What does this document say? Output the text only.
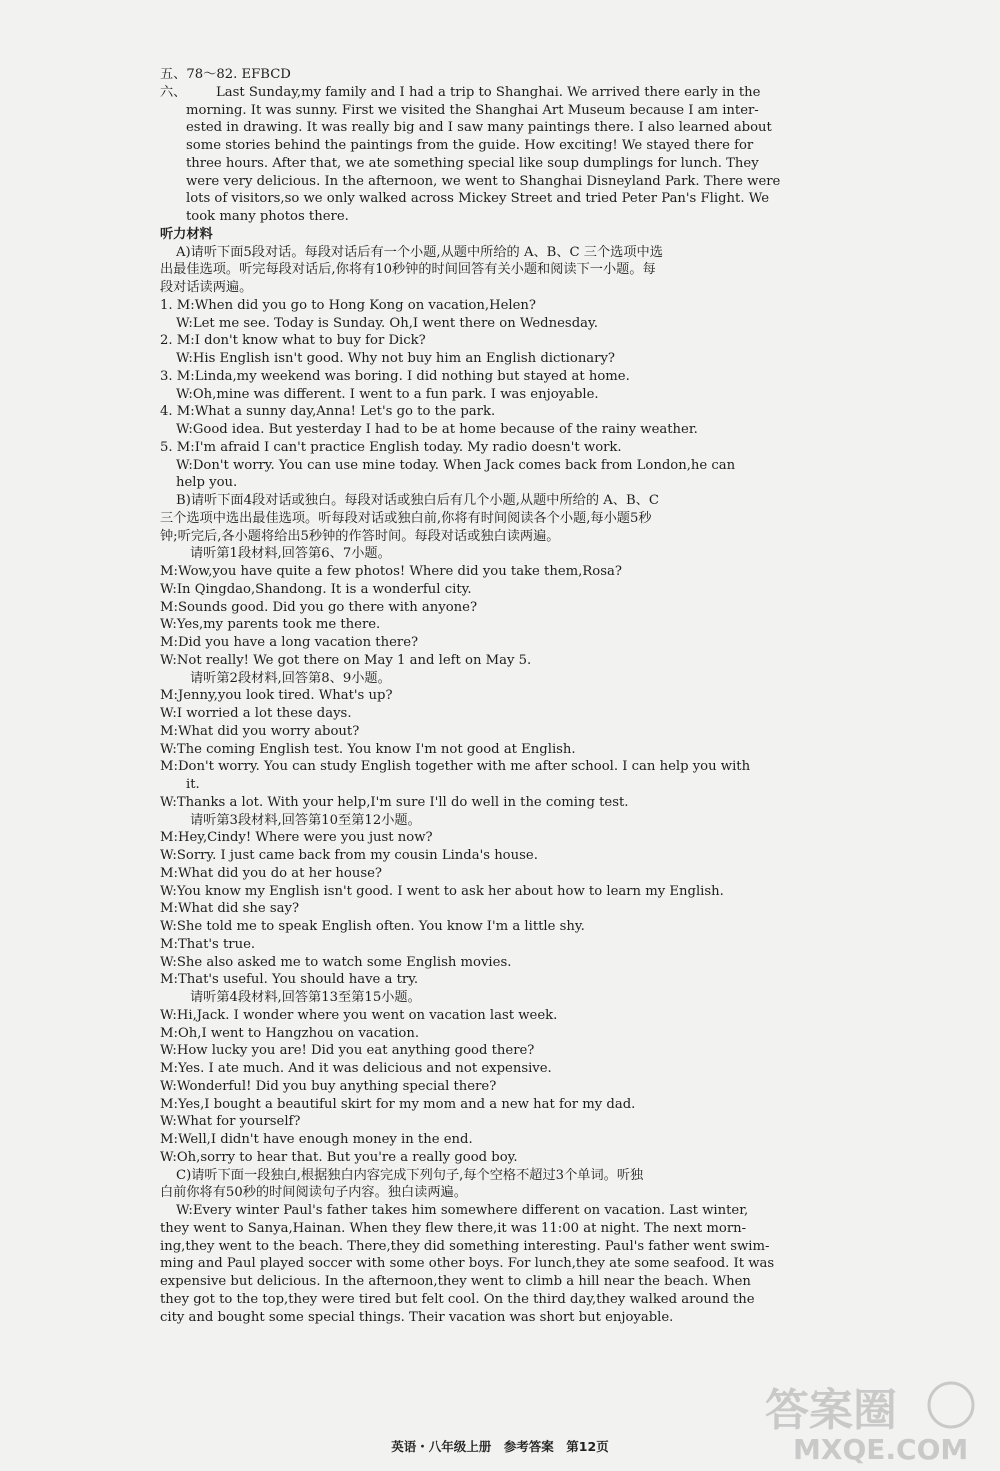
五、78～82. EFBCD
六、	Last Sunday,my family and I had a trip to Shanghai. We arrived there early in the
morning. It was sunny. First we visited the Shanghai Art Museum because I am inter-
ested in drawing. It was really big and I saw many paintings there. I also learned about
some stories behind the paintings from the guide. How exciting! We stayed there for
three hours. After that, we ate something special like soup dumplings for lunch. They
were very delicious. In the afternoon, we went to Shanghai Disneyland Park. There were
lots of visitors,so we only walked across Mickey Street and tried Peter Pan's Flight. We
took many photos there.
听力材料
A)请听下面5段对话。每段对话后有一个小题,从题中所给的 A、B、C 三个选项中选
出最佳选项。听完每段对话后,你将有10秒钟的时间回答有关小题和阅读下一小题。每
段对话读两遍。
1. M:When did you go to Hong Kong on vacation,Helen?
W:Let me see. Today is Sunday. Oh,I went there on Wednesday.
2. M:I don't know what to buy for Dick?
W:His English isn't good. Why not buy him an English dictionary?
3. M:Linda,my weekend was boring. I did nothing but stayed at home.
W:Oh,mine was different. I went to a fun park. I was enjoyable.
4. M:What a sunny day,Anna! Let's go to the park.
W:Good idea. But yesterday I had to be at home because of the rainy weather.
5. M:I'm afraid I can't practice English today. My radio doesn't work.
W:Don't worry. You can use mine today. When Jack comes back from London,he can
help you.
B)请听下面4段对话或独白。每段对话或独白后有几个小题,从题中所给的 A、B、C
三个选项中选出最佳选项。听每段对话或独白前,你将有时间阅读各个小题,每小题5秒
钟;听完后,各小题将给出5秒钟的作答时间。每段对话或独白读两遍。
请听第1段材料,回答第6、7小题。
M:Wow,you have quite a few photos! Where did you take them,Rosa?
W:In Qingdao,Shandong. It is a wonderful city.
M:Sounds good. Did you go there with anyone?
W:Yes,my parents took me there.
M:Did you have a long vacation there?
W:Not really! We got there on May 1 and left on May 5.
请听第2段材料,回答第8、9小题。
M:Jenny,you look tired. What's up?
W:I worried a lot these days.
M:What did you worry about?
W:The coming English test. You know I'm not good at English.
M:Don't worry. You can study English together with me after school. I can help you with
it.
W:Thanks a lot. With your help,I'm sure I'll do well in the coming test.
请听第3段材料,回答第10至第12小题。
M:Hey,Cindy! Where were you just now?
W:Sorry. I just came back from my cousin Linda's house.
M:What did you do at her house?
W:You know my English isn't good. I went to ask her about how to learn my English.
M:What did she say?
W:She told me to speak English often. You know I'm a little shy.
M:That's true.
W:She also asked me to watch some English movies.
M:That's useful. You should have a try.
请听第4段材料,回答第13至第15小题。
W:Hi,Jack. I wonder where you went on vacation last week.
M:Oh,I went to Hangzhou on vacation.
W:How lucky you are! Did you eat anything good there?
M:Yes. I ate much. And it was delicious and not expensive.
W:Wonderful! Did you buy anything special there?
M:Yes,I bought a beautiful skirt for my mom and a new hat for my dad.
W:What for yourself?
M:Well,I didn't have enough money in the end.
W:Oh,sorry to hear that. But you're a really good boy.
C)请听下面一段独白,根据独白内容完成下列句子,每个空格不超过3个单词。听独
白前你将有50秒的时间阅读句子内容。独白读两遍。
W:Every winter Paul's father takes him somewhere different on vacation. Last winter,
they went to Sanya,Hainan. When they flew there,it was 11:00 at night. The next morn-
ing,they went to the beach. There,they did something interesting. Paul's father went swim-
ming and Paul played soccer with some other boys. For lunch,they ate some seafood. It was
expensive but delicious. In the afternoon,they went to climb a hill near the beach. When
they got to the top,they were tired but felt cool. On the third day,they walked around the
city and bought some special things. Their vacation was short but enjoyable.
英语・八年级上册　参考答案　第12页
答案圈
MXQE.COM
